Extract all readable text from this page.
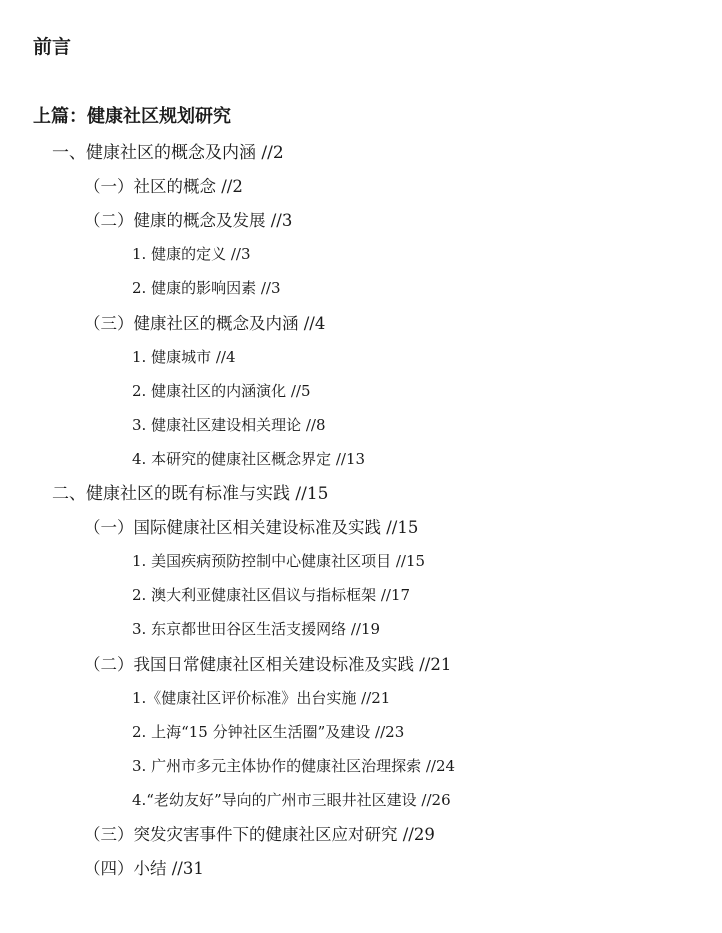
前言
上篇：健康社区规划研究
一、健康社区的概念及内涵 //2
（一）社区的概念 //2
（二）健康的概念及发展 //3
1. 健康的定义 //3
2. 健康的影响因素 //3
（三）健康社区的概念及内涵 //4
1. 健康城市 //4
2. 健康社区的内涵演化 //5
3. 健康社区建设相关理论 //8
4. 本研究的健康社区概念界定 //13
二、健康社区的既有标准与实践 //15
（一）国际健康社区相关建设标准及实践 //15
1. 美国疾病预防控制中心健康社区项目 //15
2. 澳大利亚健康社区倡议与指标框架 //17
3. 东京都世田谷区生活支援网络 //19
（二）我国日常健康社区相关建设标准及实践 //21
1.《健康社区评价标准》出台实施 //21
2. 上海“15 分钟社区生活圈”及建设 //23
3. 广州市多元主体协作的健康社区治理探索 //24
4.“老幼友好”导向的广州市三眼井社区建设 //26
（三）突发灾害事件下的健康社区应对研究 //29
（四）小结 //31
